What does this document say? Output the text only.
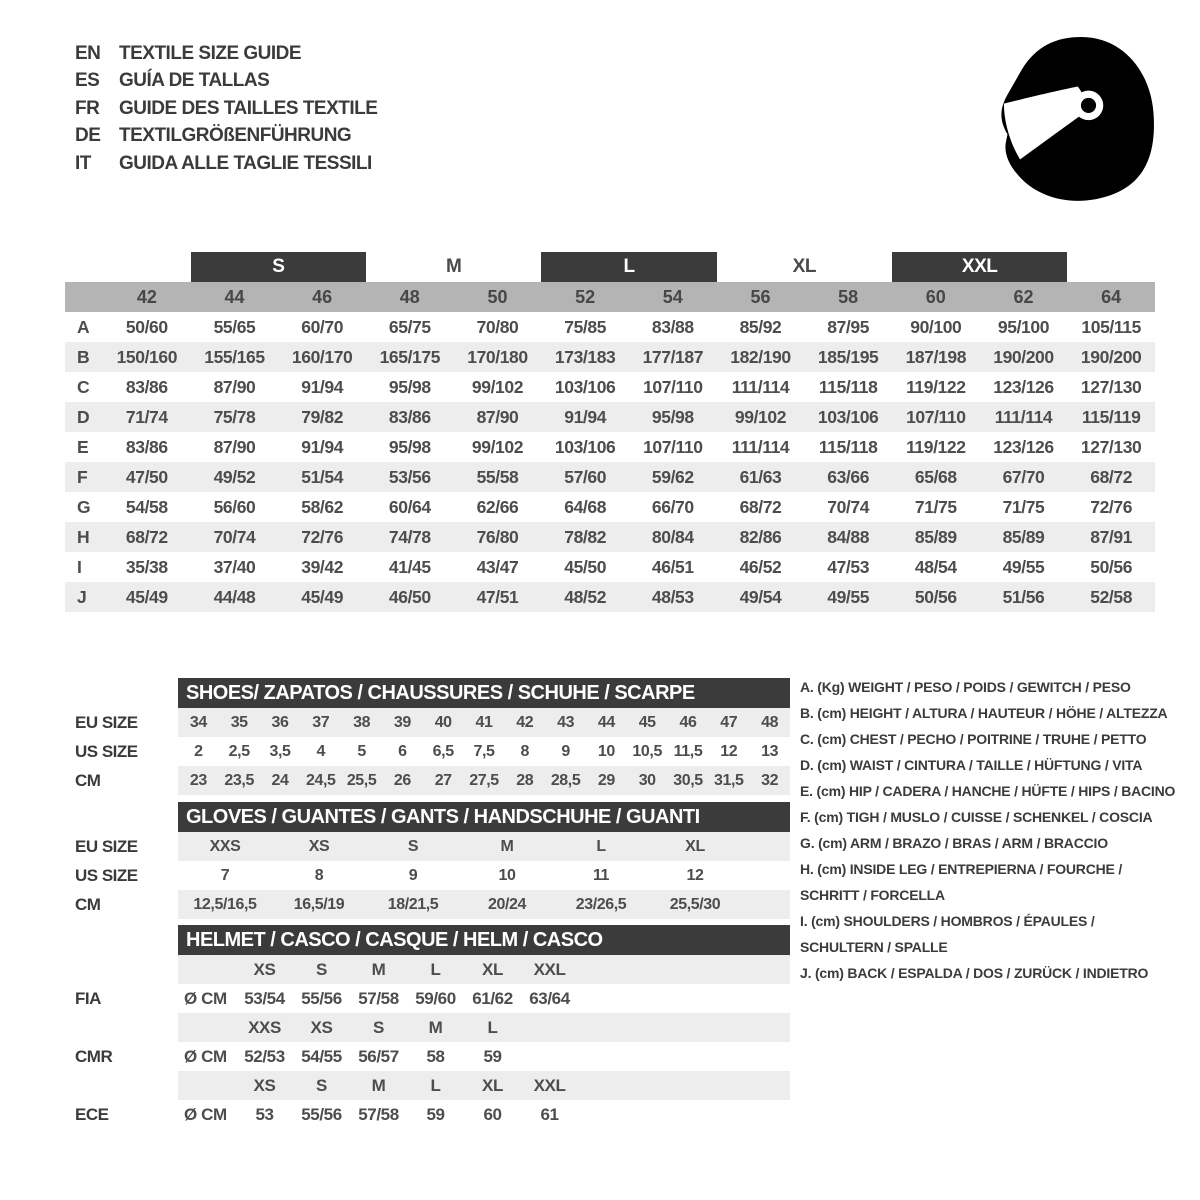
EN TEXTILE SIZE GUIDE
ES	GUÍA DE TALLAS
FR	GUIDE DES TAILLES TEXTILE
DE TEXTILGRÖßENFÜHRUNG
IT	GUIDA ALLE TAGLIE TESSILI
S	M	L	XL	XXL
42	44	46	48	50	52	54	56	58	60	62	64
A	50/60	55/65	60/70	65/75	70/80	75/85	83/88	85/92	87/95	90/100	95/100	105/115
B	150/160	155/165	160/170	165/175	170/180	173/183	177/187	182/190	185/195	187/198	190/200	190/200
C	83/86	87/90	91/94	95/98	99/102	103/106	107/110	111/114	115/118	119/122	123/126	127/130
D	71/74	75/78	79/82	83/86	87/90	91/94	95/98	99/102	103/106	107/110	111/114	115/119
E	83/86	87/90	91/94	95/98	99/102	103/106	107/110	111/114	115/118	119/122	123/126	127/130
F	47/50	49/52	51/54	53/56	55/58	57/60	59/62	61/63	63/66	65/68	67/70	68/72
G	54/58	56/60	58/62	60/64	62/66	64/68	66/70	68/72	70/74	71/75	71/75	72/76
H	68/72	70/74	72/76	74/78	76/80	78/82	80/84	82/86	84/88	85/89	85/89	87/91
I	35/38	37/40	39/42	41/45	43/47	45/50	46/51	46/52	47/53	48/54	49/55	50/56
J	45/49	44/48	45/49	46/50	47/51	48/52	48/53	49/54	49/55	50/56	51/56	52/58
SHOES/ ZAPATOS / CHAUSSURES / SCHUHE / SCARPE
EU SIZE	34	35	36	37	38	39	40	41	42	43	44	45	46	47	48
US SIZE	2	2,5	3,5	4	5	6	6,5	7,5	8	9	10	10,5 11,5	12	13
CM	23	23,5	24	24,5 25,5	26	27	27,5	28	28,5	29	30	30,5 31,5	32
GLOVES / GUANTES / GANTS / HANDSCHUHE / GUANTI
EU SIZE	XXS	XS	S	M	L	XL
US SIZE	7	8	9	10	11	12
CM	12,5/16,5	16,5/19	18/21,5	20/24	23/26,5	25,5/30
HELMET / CASCO / CASQUE / HELM / CASCO
XS	S	M	L	XL	XXL
FIA	Ø CM	53/54 55/56 57/58 59/60 61/62 63/64
XXS	XS	S	M	L
CMR	Ø CM	52/53 54/55 56/57	58	59
XS	S	M	L	XL	XXL
ECE	Ø CM	53	55/56 57/58	59	60	61
A. (Kg) WEIGHT / PESO / POIDS / GEWITCH / PESO
B. (cm) HEIGHT / ALTURA / HAUTEUR / HÖHE / ALTEZZA
C. (cm) CHEST / PECHO / POITRINE / TRUHE / PETTO
D. (cm) WAIST / CINTURA / TAILLE / HÜFTUNG / VITA
E. (cm) HIP / CADERA / HANCHE / HÜFTE / HIPS / BACINO
F. (cm) TIGH / MUSLO / CUISSE / SCHENKEL / COSCIA
G. (cm) ARM / BRAZO / BRAS / ARM / BRACCIO
H. (cm) INSIDE LEG / ENTREPIERNA / FOURCHE / SCHRITT / FORCELLA
I. (cm) SHOULDERS / HOMBROS / ÉPAULES / SCHULTERN / SPALLE
J. (cm) BACK / ESPALDA / DOS / ZURÜCK / INDIETRO
